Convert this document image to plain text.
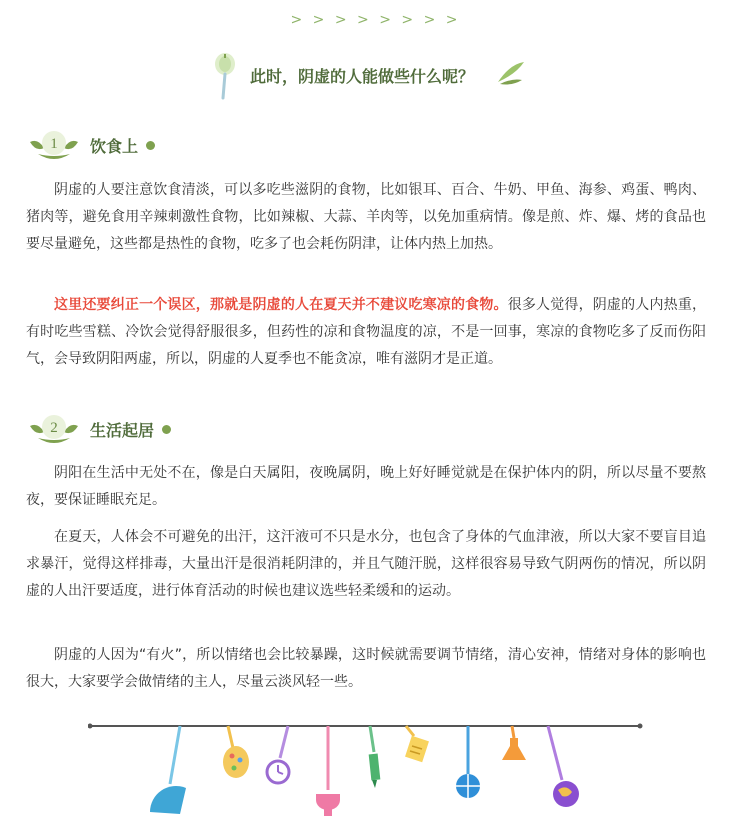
> > > > > > > >
此时，阴虚的人能做些什么呢？
1 饮食上

阴虚的人要注意饮食清淡，可以多吃些滋阴的食物，比如银耳、百合、牛奶、甲鱼、海参、鸡蛋、鸭肉、猪肉等，避免食用辛辣刺激性食物，比如辣椒、大蒜、羊肉等，以免加重病情。像是煎、炸、爆、烤的食品也要尽量避免，这些都是热性的食物，吃多了也会耗伤阴津，让体内热上加热。

这里还要纠正一个误区，那就是阴虚的人在夏天并不建议吃寒凉的食物。很多人觉得，阴虚的人内热重，有时吃些雪糕、冷饮会觉得舒服很多，但药性的凉和食物温度的凉，不是一回事，寒凉的食物吃多了反而伤阳气，会导致阴阳两虚，所以，阴虚的人夏季也不能贪凉，唯有滋阴才是正道。

2 生活起居

阴阳在生活中无处不在，像是白天属阳，夜晚属阴，晚上好好睡觉就是在保护体内的阴，所以尽量不要熬夜，要保证睡眠充足。

在夏天，人体会不可避免的出汗，这汗液可不只是水分，也包含了身体的气血津液，所以大家不要盲目追求暴汗，觉得这样排毒，大量出汗是很消耗阴津的，并且气随汗脱，这样很容易导致气阴两伤的情况，所以阴虚的人出汗要适度，进行体育活动的时候也建议选些轻柔缓和的运动。

阴虚的人因为“有火”，所以情绪也会比较暴躁，这时候就需要调节情绪，清心安神，情绪对身体的影响也很大，大家要学会做情绪的主人，尽量云淡风轻一些。
